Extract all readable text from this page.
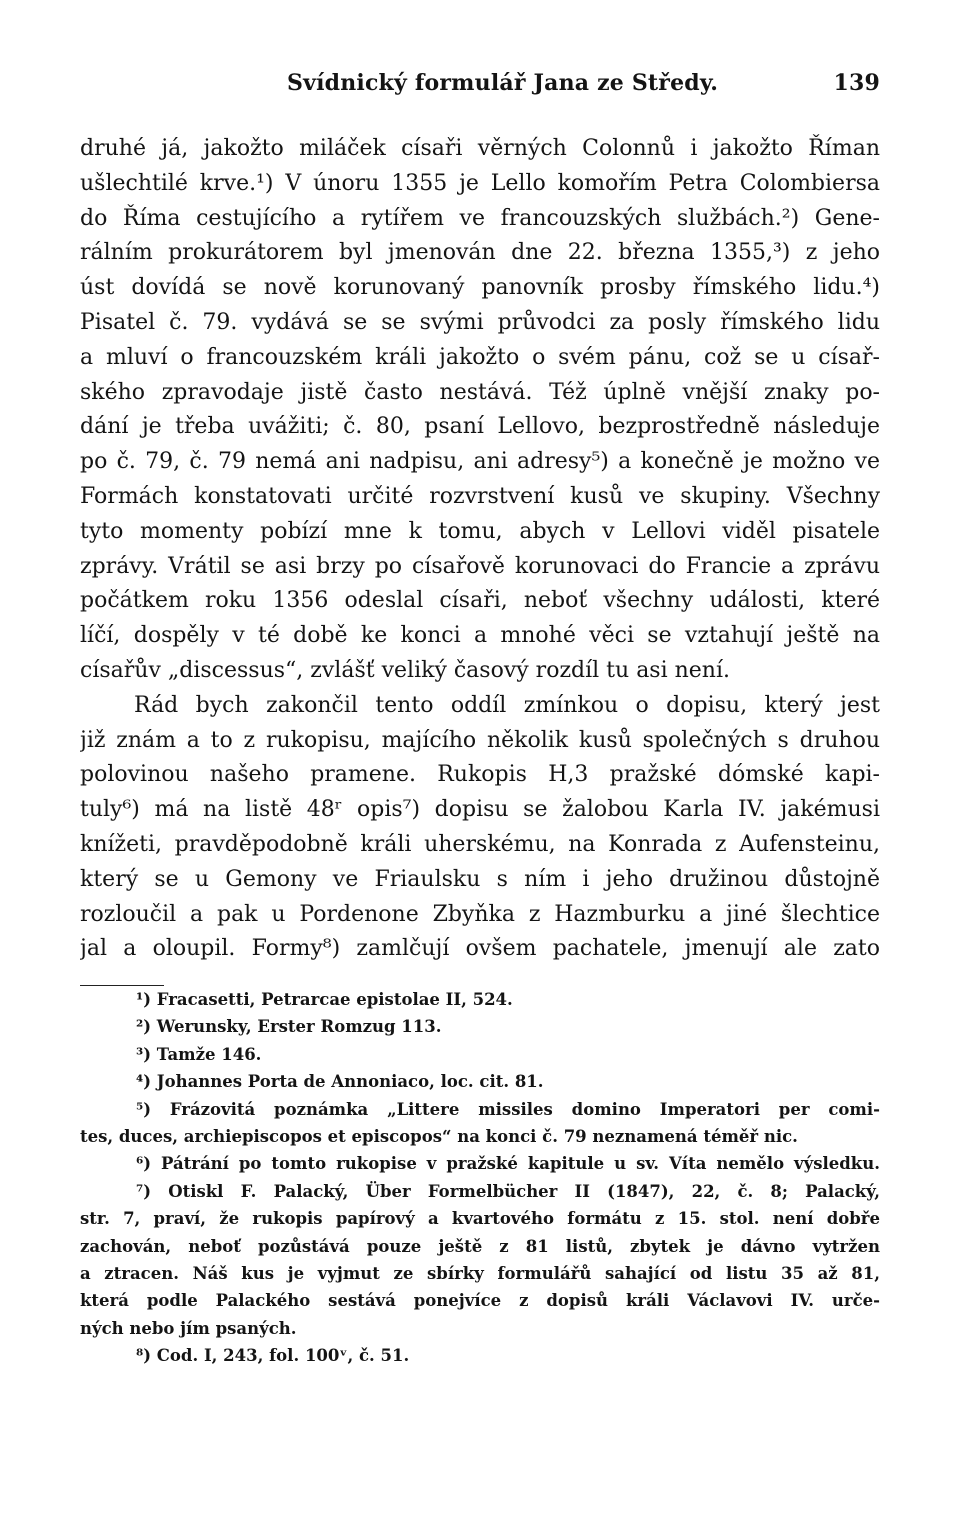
Svídnický formulář Jana ze Středy.	139
druhé já, jakožto miláček císaři věrných Colonnů i jakožto Říman
ušlechtilé krve.¹) V únoru 1355 je Lello komořím Petra Colombiersa
do Říma cestujícího a rytířem ve francouzských službách.²) Gene-
rálním prokurátorem byl jmenován dne 22. března 1355,³) z jeho
úst dovídá se nově korunovaný panovník prosby římského lidu.⁴)
Pisatel č. 79. vydává se se svými průvodci za posly římského lidu
a mluví o francouzském králi jakožto o svém pánu, což se u císař-
ského zpravodaje jistě často nestává. Též úplně vnější znaky po-
dání je třeba uvážiti; č. 80, psaní Lellovo, bezprostředně následuje
po č. 79, č. 79 nemá ani nadpisu, ani adresy⁵) a konečně je možno ve
Formách konstatovati určité rozvrstvení kusů ve skupiny. Všechny
tyto momenty pobízí mne k tomu, abych v Lellovi viděl pisatele
zprávy. Vrátil se asi brzy po císařově korunovaci do Francie a zprávu
počátkem roku 1356 odeslal císaři, neboť všechny události, které
líčí, dospěly v té době ke konci a mnohé věci se vztahují ještě na
císařův „discessus“, zvlášť veliký časový rozdíl tu asi není.
Rád bych zakončil tento oddíl zmínkou o dopisu, který jest
již znám a to z rukopisu, majícího několik kusů společných s druhou
polovinou našeho pramene. Rukopis H,3 pražské dómské kapi-
tuly⁶) má na listě 48ʳ opis⁷) dopisu se žalobou Karla IV. jakémusi
knížeti, pravděpodobně králi uherskému, na Konrada z Aufensteinu,
který se u Gemony ve Friaulsku s ním i jeho družinou důstojně
rozloučil a pak u Pordenone Zbyňka z Hazmburku a jiné šlechtice
jal a oloupil. Formy⁸) zamlčují ovšem pachatele, jmenují ale zato
¹) Fracasetti, Petrarcae epistolae II, 524.
²) Werunsky, Erster Romzug 113.
³) Tamže 146.
⁴) Johannes Porta de Annoniaco, loc. cit. 81.
⁵) Frázovitá poznámka „Littere missiles domino Imperatori per comi-
tes, duces, archiepiscopos et episcopos“ na konci č. 79 neznamená téměř nic.
⁶) Pátrání po tomto rukopise v pražské kapitule u sv. Víta nemělo výsledku.
⁷) Otiskl F. Palacký, Über Formelbücher II (1847), 22, č. 8; Palacký,
str. 7, praví, že rukopis papírový a kvartového formátu z 15. stol. není dobře
zachován, neboť pozůstává pouze ještě z 81 listů, zbytek je dávno vytržen
a ztracen. Náš kus je vyjmut ze sbírky formulářů sahající od listu 35 až 81,
která podle Palackého sestává ponejvíce z dopisů králi Václavovi IV. urče-
ných nebo jím psaných.
⁸) Cod. I, 243, fol. 100ᵛ, č. 51.
